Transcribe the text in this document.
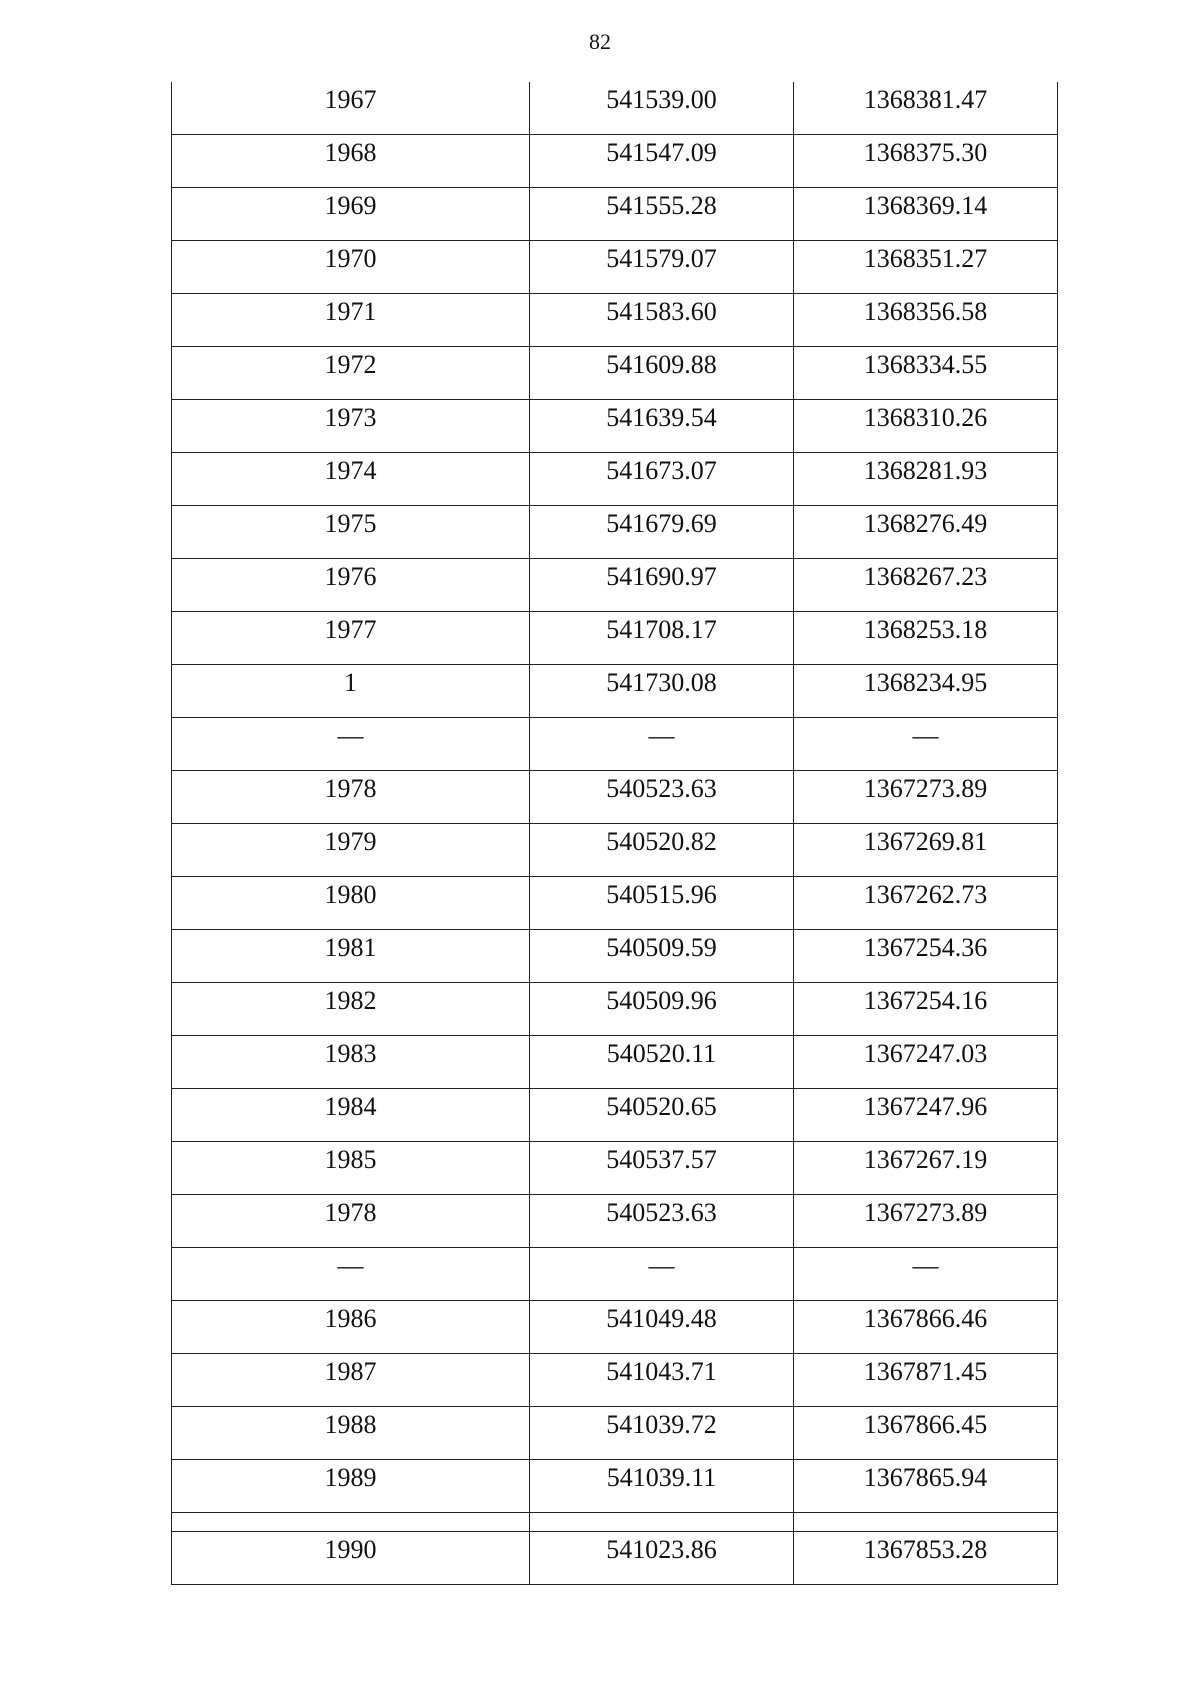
82
1967	541539.00	1368381.47
1968	541547.09	1368375.30
1969	541555.28	1368369.14
1970	541579.07	1368351.27
1971	541583.60	1368356.58
1972	541609.88	1368334.55
1973	541639.54	1368310.26
1974	541673.07	1368281.93
1975	541679.69	1368276.49
1976	541690.97	1368267.23
1977	541708.17	1368253.18
1	541730.08	1368234.95
—	—	—
1978	540523.63	1367273.89
1979	540520.82	1367269.81
1980	540515.96	1367262.73
1981	540509.59	1367254.36
1982	540509.96	1367254.16
1983	540520.11	1367247.03
1984	540520.65	1367247.96
1985	540537.57	1367267.19
1978	540523.63	1367273.89
—	—	—
1986	541049.48	1367866.46
1987	541043.71	1367871.45
1988	541039.72	1367866.45
1989	541039.11	1367865.94

1990	541023.86	1367853.28
